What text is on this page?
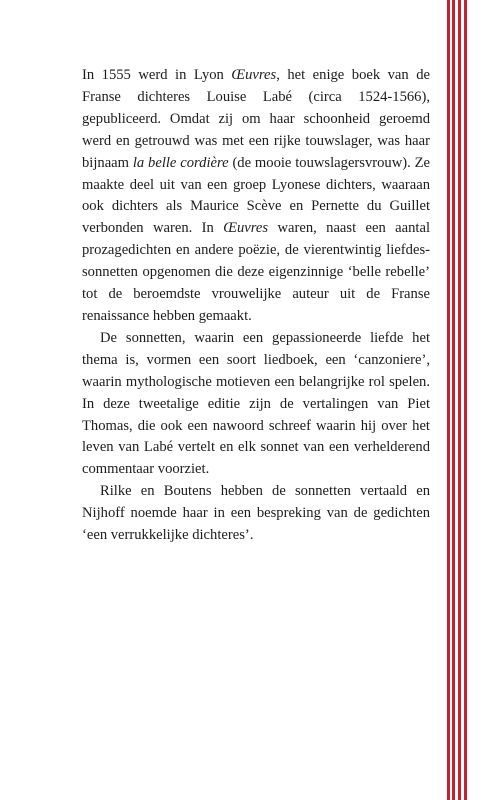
In 1555 werd in Lyon Œuvres, het enige boek van de Franse dichteres Louise Labé (circa 1524-1566), gepubliceerd. Omdat zij om haar schoonheid geroemd werd en getrouwd was met een rijke touwslager, was haar bijnaam la belle cordière (de mooie touwslagersvrouw). Ze maakte deel uit van een groep Lyonese dichters, waaraan ook dichters als Maurice Scève en Pernette du Guillet verbonden waren. In Œuvres waren, naast een aantal prozagedichten en andere poëzie, de vierentwintig liefdessonnetten opgenomen die deze eigenzinnige ‘belle rebelle’ tot de beroemdste vrouwelijke auteur uit de Franse renaissance hebben gemaakt.

De sonnetten, waarin een gepassioneerde liefde het thema is, vormen een soort liedboek, een ‘canzoniere’, waarin mythologische motieven een belangrijke rol spelen. In deze tweetalige editie zijn de vertalingen van Piet Thomas, die ook een nawoord schreef waarin hij over het leven van Labé vertelt en elk sonnet van een verhelderend commentaar voorziet.

Rilke en Boutens hebben de sonnetten vertaald en Nijhoff noemde haar in een bespreking van de gedichten ‘een verrukkelijke dichteres’.
